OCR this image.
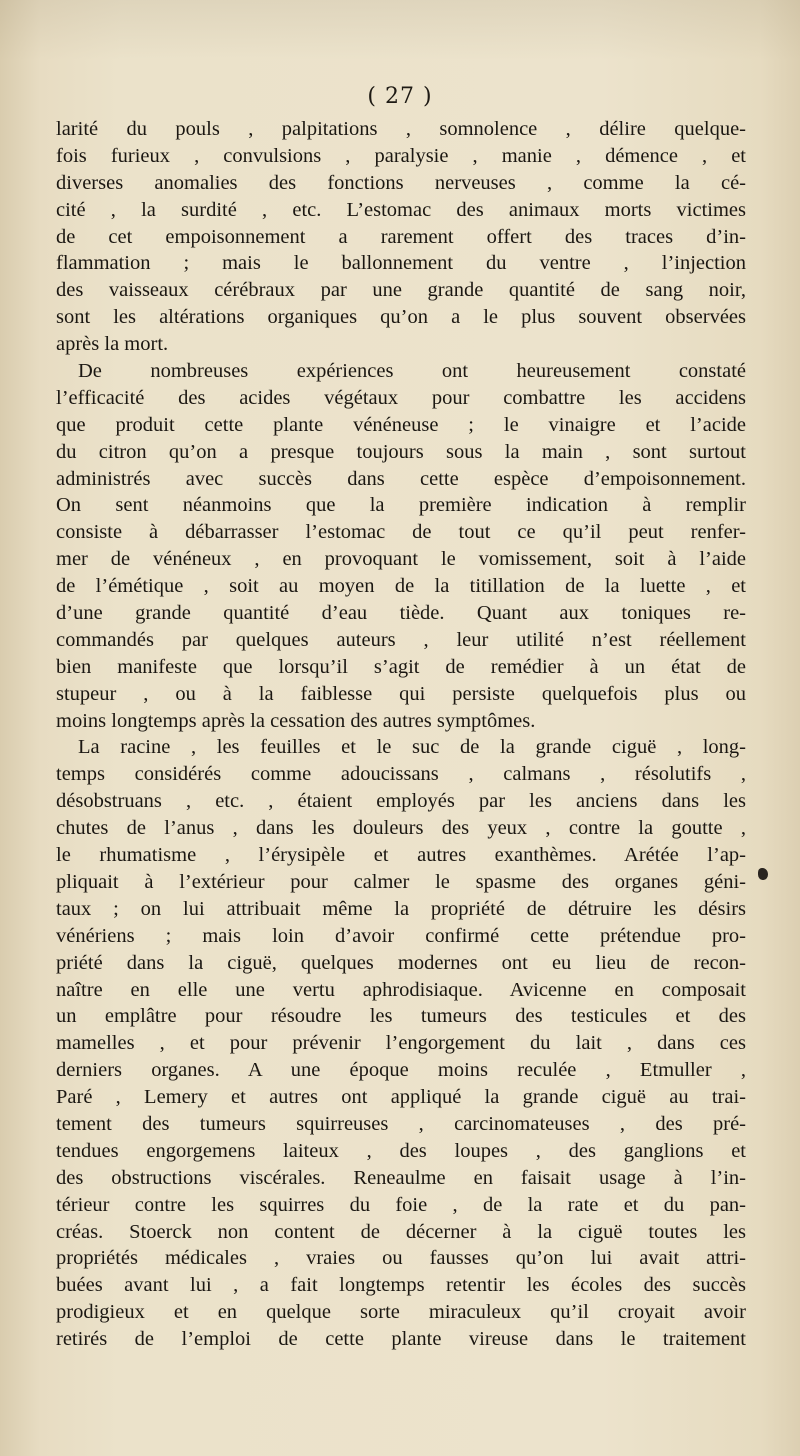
( 27 )
larité du pouls , palpitations , somnolence , délire quelque-
fois furieux , convulsions , paralysie , manie , démence , et
diverses anomalies des fonctions nerveuses , comme la cé-
cité , la surdité , etc. L’estomac des animaux morts victimes
de cet empoisonnement a rarement offert des traces d’in-
flammation ; mais le ballonnement du ventre , l’injection
des vaisseaux cérébraux par une grande quantité de sang noir,
sont les altérations organiques qu’on a le plus souvent observées
après la mort.
De nombreuses expériences ont heureusement constaté
l’efficacité des acides végétaux pour combattre les accidens
que produit cette plante vénéneuse ; le vinaigre et l’acide
du citron qu’on a presque toujours sous la main , sont surtout
administrés avec succès dans cette espèce d’empoisonnement.
On sent néanmoins que la première indication à remplir
consiste à débarrasser l’estomac de tout ce qu’il peut renfer-
mer de vénéneux , en provoquant le vomissement, soit à l’aide
de l’émétique , soit au moyen de la titillation de la luette , et
d’une grande quantité d’eau tiède. Quant aux toniques re-
commandés par quelques auteurs , leur utilité n’est réellement
bien manifeste que lorsqu’il s’agit de remédier à un état de
stupeur , ou à la faiblesse qui persiste quelquefois plus ou
moins longtemps après la cessation des autres symptômes.
La racine , les feuilles et le suc de la grande ciguë , long-
temps considérés comme adoucissans , calmans , résolutifs ,
désobstruans , etc. , étaient employés par les anciens dans les
chutes de l’anus , dans les douleurs des yeux , contre la goutte ,
le rhumatisme , l’érysipèle et autres exanthèmes. Arétée l’ap-
pliquait à l’extérieur pour calmer le spasme des organes géni-
taux ; on lui attribuait même la propriété de détruire les désirs
vénériens ; mais loin d’avoir confirmé cette prétendue pro-
priété dans la ciguë, quelques modernes ont eu lieu de recon-
naître en elle une vertu aphrodisiaque. Avicenne en composait
un emplâtre pour résoudre les tumeurs des testicules et des
mamelles , et pour prévenir l’engorgement du lait , dans ces
derniers organes. A une époque moins reculée , Etmuller ,
Paré , Lemery et autres ont appliqué la grande ciguë au trai-
tement des tumeurs squirreuses , carcinomateuses , des pré-
tendues engorgemens laiteux , des loupes , des ganglions et
des obstructions viscérales. Reneaulme en faisait usage à l’in-
térieur contre les squirres du foie , de la rate et du pan-
créas. Stoerck non content de décerner à la ciguë toutes les
propriétés médicales , vraies ou fausses qu’on lui avait attri-
buées avant lui , a fait longtemps retentir les écoles des succès
prodigieux et en quelque sorte miraculeux qu’il croyait avoir
retirés de l’emploi de cette plante vireuse dans le traitement
